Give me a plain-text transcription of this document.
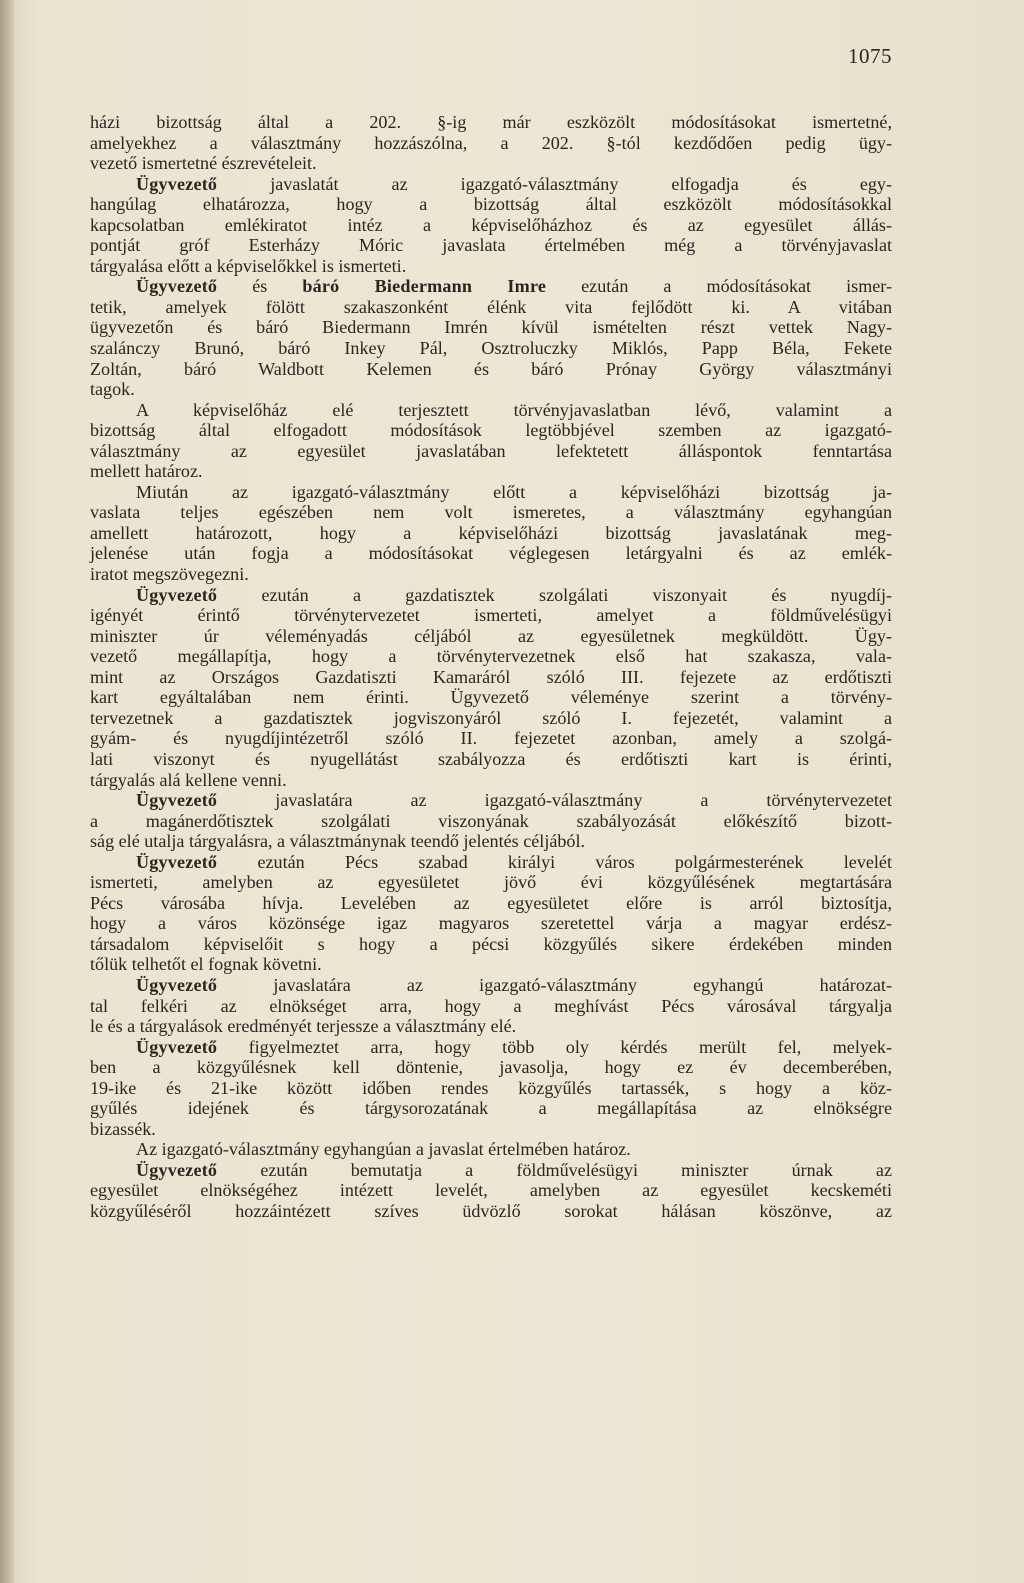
1075

házi bizottság által a 202. §-ig már eszközölt módosításokat ismertetné,

amelyekhez a választmány hozzászólna, a 202. §-tól kezdődően pedig ügy-

vezető ismertetné észrevételeit.

Ügyvezető javaslatát az igazgató-választmány elfogadja és egy-

hangúlag elhatározza, hogy a bizottság által eszközölt módosításokkal

kapcsolatban emlékiratot intéz a képviselőházhoz és az egyesület állás-

pontját gróf Esterházy Móric javaslata értelmében még a törvényjavaslat

tárgyalása előtt a képviselőkkel is ismerteti.

Ügyvezető és báró Biedermann Imre ezután a módosításokat ismer-

tetik, amelyek fölött szakaszonként élénk vita fejlődött ki. A vitában

ügyvezetőn és báró Biedermann Imrén kívül ismételten részt vettek Nagy-

szalánczy Brunó, báró Inkey Pál, Osztroluczky Miklós, Papp Béla, Fekete

Zoltán, báró Waldbott Kelemen és báró Prónay György választmányi

tagok.

A képviselőház elé terjesztett törvényjavaslatban lévő, valamint a

bizottság által elfogadott módosítások legtöbbjével szemben az igazgató-

választmány az egyesület javaslatában lefektetett álláspontok fenntartása

mellett határoz.

Miután az igazgató-választmány előtt a képviselőházi bizottság ja-

vaslata teljes egészében nem volt ismeretes, a választmány egyhangúan

amellett határozott, hogy a képviselőházi bizottság javaslatának meg-

jelenése után fogja a módosításokat véglegesen letárgyalni és az emlék-

iratot megszövegezni.

Ügyvezető ezután a gazdatisztek szolgálati viszonyait és nyugdíj-

igényét érintő törvénytervezetet ismerteti, amelyet a földművelésügyi

miniszter úr véleményadás céljából az egyesületnek megküldött. Ügy-

vezető megállapítja, hogy a törvénytervezetnek első hat szakasza, vala-

mint az Országos Gazdatiszti Kamaráról szóló III. fejezete az erdőtiszti

kart egyáltalában nem érinti. Ügyvezető véleménye szerint a törvény-

tervezetnek a gazdatisztek jogviszonyáról szóló I. fejezetét, valamint a

gyám- és nyugdíjintézetről szóló II. fejezetet azonban, amely a szolgá-

lati viszonyt és nyugellátást szabályozza és erdőtiszti kart is érinti,

tárgyalás alá kellene venni.

Ügyvezető javaslatára az igazgató-választmány a törvénytervezetet

a magánerdőtisztek szolgálati viszonyának szabályozását előkészítő bizott-

ság elé utalja tárgyalásra, a választmánynak teendő jelentés céljából.

Ügyvezető ezután Pécs szabad királyi város polgármesterének levelét

ismerteti, amelyben az egyesületet jövő évi közgyűlésének megtartására

Pécs városába hívja. Levelében az egyesületet előre is arról biztosítja,

hogy a város közönsége igaz magyaros szeretettel várja a magyar erdész-

társadalom képviselőit s hogy a pécsi közgyűlés sikere érdekében minden

tőlük telhetőt el fognak követni.

Ügyvezető javaslatára az igazgató-választmány egyhangú határozat-

tal felkéri az elnökséget arra, hogy a meghívást Pécs városával tárgyalja

le és a tárgyalások eredményét terjessze a választmány elé.

Ügyvezető figyelmeztet arra, hogy több oly kérdés merült fel, melyek-

ben a közgyűlésnek kell döntenie, javasolja, hogy ez év decemberében,

19-ike és 21-ike között időben rendes közgyűlés tartassék, s hogy a köz-

gyűlés idejének és tárgysorozatának a megállapítása az elnökségre

bizassék.

Az igazgató-választmány egyhangúan a javaslat értelmében határoz.

Ügyvezető ezután bemutatja a földművelésügyi miniszter úrnak az

egyesület elnökségéhez intézett levelét, amelyben az egyesület kecskeméti

közgyűléséről hozzáintézett szíves üdvözlő sorokat hálásan köszönve, az
